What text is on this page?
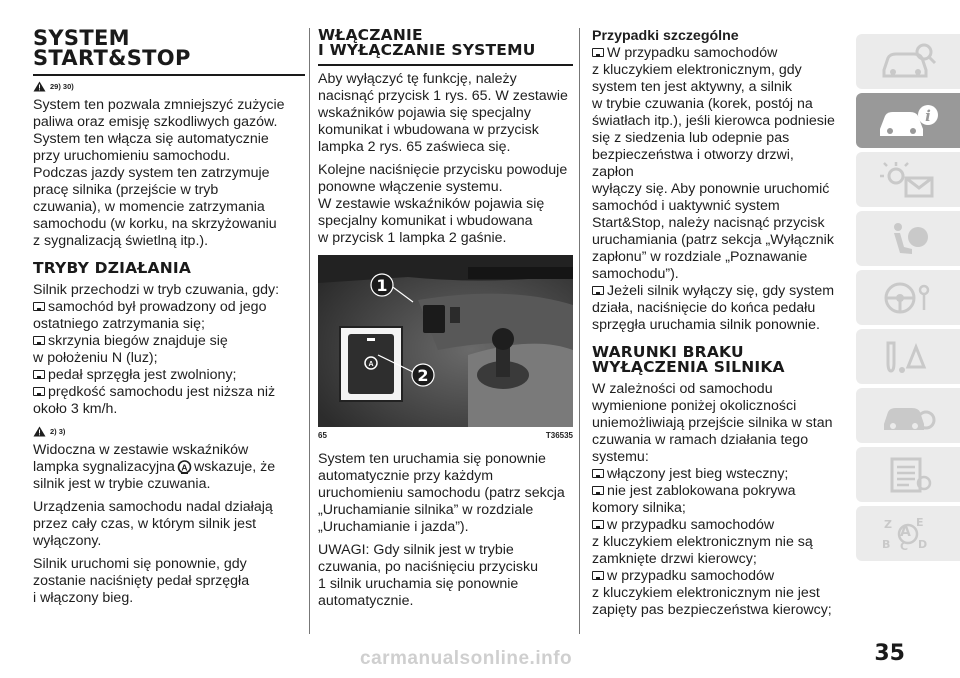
SYSTEM
START&STOP
29) 30)

System ten pozwala zmniejszyć zużycie
paliwa oraz emisję szkodliwych gazów.
System ten włącza się automatycznie
przy uruchomieniu samochodu.
Podczas jazdy system ten zatrzymuje
pracę silnika (przejście w tryb
czuwania), w momencie zatrzymania
samochodu (w korku, na skrzyżowaniu
z sygnalizacją świetlną itp.).

TRYBY DZIAŁANIA

Silnik przechodzi w tryb czuwania, gdy:

samochód był prowadzony od jego
ostatniego zatrzymania się;

skrzynia biegów znajduje się
w położeniu N (luz);

pedał sprzęgła jest zwolniony;

prędkość samochodu jest niższa niż
około 3 km/h.

2) 3)

Widoczna w zestawie wskaźników
lampka sygnalizacyjna A wskazuje, że
silnik jest w trybie czuwania.

Urządzenia samochodu nadal działają
przez cały czas, w którym silnik jest
wyłączony.

Silnik uruchomi się ponownie, gdy
zostanie naciśnięty pedał sprzęgła
i włączony bieg.

WŁĄCZANIE
I WYŁĄCZANIE SYSTEMU

Aby wyłączyć tę funkcję, należy
nacisnąć przycisk 1 rys. 65. W zestawie
wskaźników pojawia się specjalny
komunikat i wbudowana w przycisk
lampka 2 rys. 65 zaświeca się.

Kolejne naciśnięcie przycisku powoduje
ponowne włączenie systemu.
W zestawie wskaźników pojawia się
specjalny komunikat i wbudowana
w przycisk 1 lampka 2 gaśnie.

A
1
2
65	T36535

System ten uruchamia się ponownie
automatycznie przy każdym
uruchomieniu samochodu (patrz sekcja
„Uruchamianie silnika” w rozdziale
„Uruchamianie i jazda”).

UWAGI: Gdy silnik jest w trybie
czuwania, po naciśnięciu przycisku
1 silnik uruchamia się ponownie
automatycznie.

Przypadki szczególne

W przypadku samochodów
z kluczykiem elektronicznym, gdy
system ten jest aktywny, a silnik
w trybie czuwania (korek, postój na
światłach itp.), jeśli kierowca podniesie
się z siedzenia lub odepnie pas
bezpieczeństwa i otworzy drzwi, zapłon
wyłączy się. Aby ponownie uruchomić
samochód i uaktywnić system
Start&Stop, należy nacisnąć przycisk
uruchamiania (patrz sekcja „Wyłącznik
zapłonu” w rozdziale „Poznawanie
samochodu”).

Jeżeli silnik wyłączy się, gdy system
działa, naciśnięcie do końca pedału
sprzęgła uruchamia silnik ponownie.

WARUNKI BRAKU
WYŁĄCZENIA SILNIKA

W zależności od samochodu
wymienione poniżej okoliczności
uniemożliwiają przejście silnika w stan
czuwania w ramach działania tego
systemu:

włączony jest bieg wsteczny;

nie jest zablokowana pokrywa
komory silnika;

w przypadku samochodów
z kluczykiem elektronicznym nie są
zamknięte drzwi kierowcy;

w przypadku samochodów
z kluczykiem elektronicznym nie jest
zapięty pas bezpieczeństwa kierowcy;

i
Z E
B C D
A
35
carmanualsonline.info
